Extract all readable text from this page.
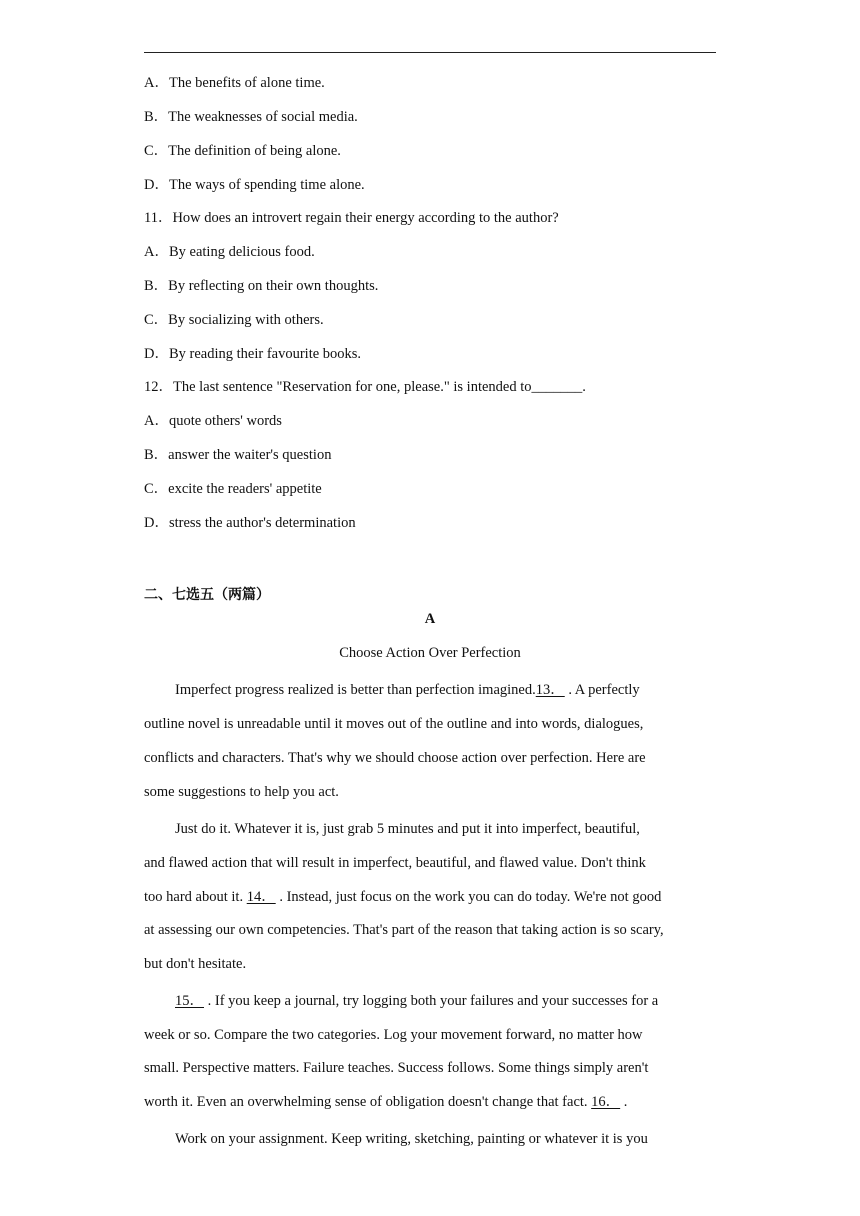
A．The benefits of alone time.
B．The weaknesses of social media.
C．The definition of being alone.
D．The ways of spending time alone.
11．How does an introvert regain their energy according to the author?
A．By eating delicious food.
B．By reflecting on their own thoughts.
C．By socializing with others.
D．By reading their favourite books.
12．The last sentence "Reservation for one, please." is intended to_______.
A．quote others' words
B．answer the waiter's question
C．excite the readers' appetite
D．stress the author's determination
二、七选五（两篇）
A
Choose Action Over Perfection
Imperfect progress realized is better than perfection imagined.13． . A perfectly
outline novel is unreadable until it moves out of the outline and into words, dialogues,
conflicts and characters. That's why we should choose action over perfection. Here are
some suggestions to help you act.
Just do it. Whatever it is, just grab 5 minutes and put it into imperfect, beautiful,
and flawed action that will result in imperfect, beautiful, and flawed value. Don't think
too hard about it. 14． . Instead, just focus on the work you can do today. We're not good
at assessing our own competencies. That's part of the reason that taking action is so scary,
but don't hesitate.
15． . If you keep a journal, try logging both your failures and your successes for a
week or so. Compare the two categories. Log your movement forward, no matter how
small. Perspective matters. Failure teaches. Success follows. Some things simply aren't
worth it. Even an overwhelming sense of obligation doesn't change that fact. 16． .
Work on your assignment. Keep writing, sketching, painting or whatever it is you
